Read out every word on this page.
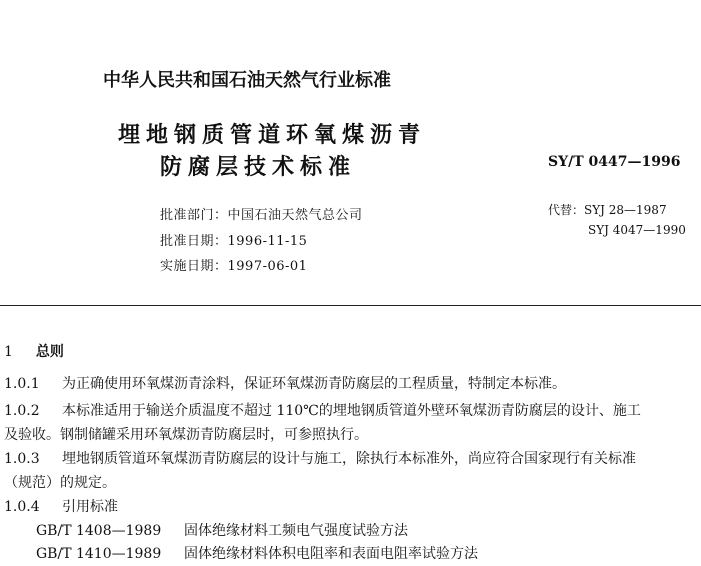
中华人民共和国石油天然气行业标准
埋地钢质管道环氧煤沥青
防腐层技术标准	SY/T 0447—1996
批准部门：中国石油天然气总公司
批准日期：1996-11-15
实施日期：1997-06-01
代替：SYJ 28—1987
SYJ 4047—1990
1 总则
1.0.1 为正确使用环氧煤沥青涂料，保证环氧煤沥青防腐层的工程质量，特制定本标准。
1.0.2 本标准适用于输送介质温度不超过 110℃的埋地钢质管道外壁环氧煤沥青防腐层的设计、施工
及验收。钢制储罐采用环氧煤沥青防腐层时，可参照执行。
1.0.3 埋地钢质管道环氧煤沥青防腐层的设计与施工，除执行本标准外，尚应符合国家现行有关标准
（规范）的规定。
1.0.4 引用标准
GB/T 1408—1989 固体绝缘材料工频电气强度试验方法
GB/T 1410—1989 固体绝缘材料体积电阻率和表面电阻率试验方法
